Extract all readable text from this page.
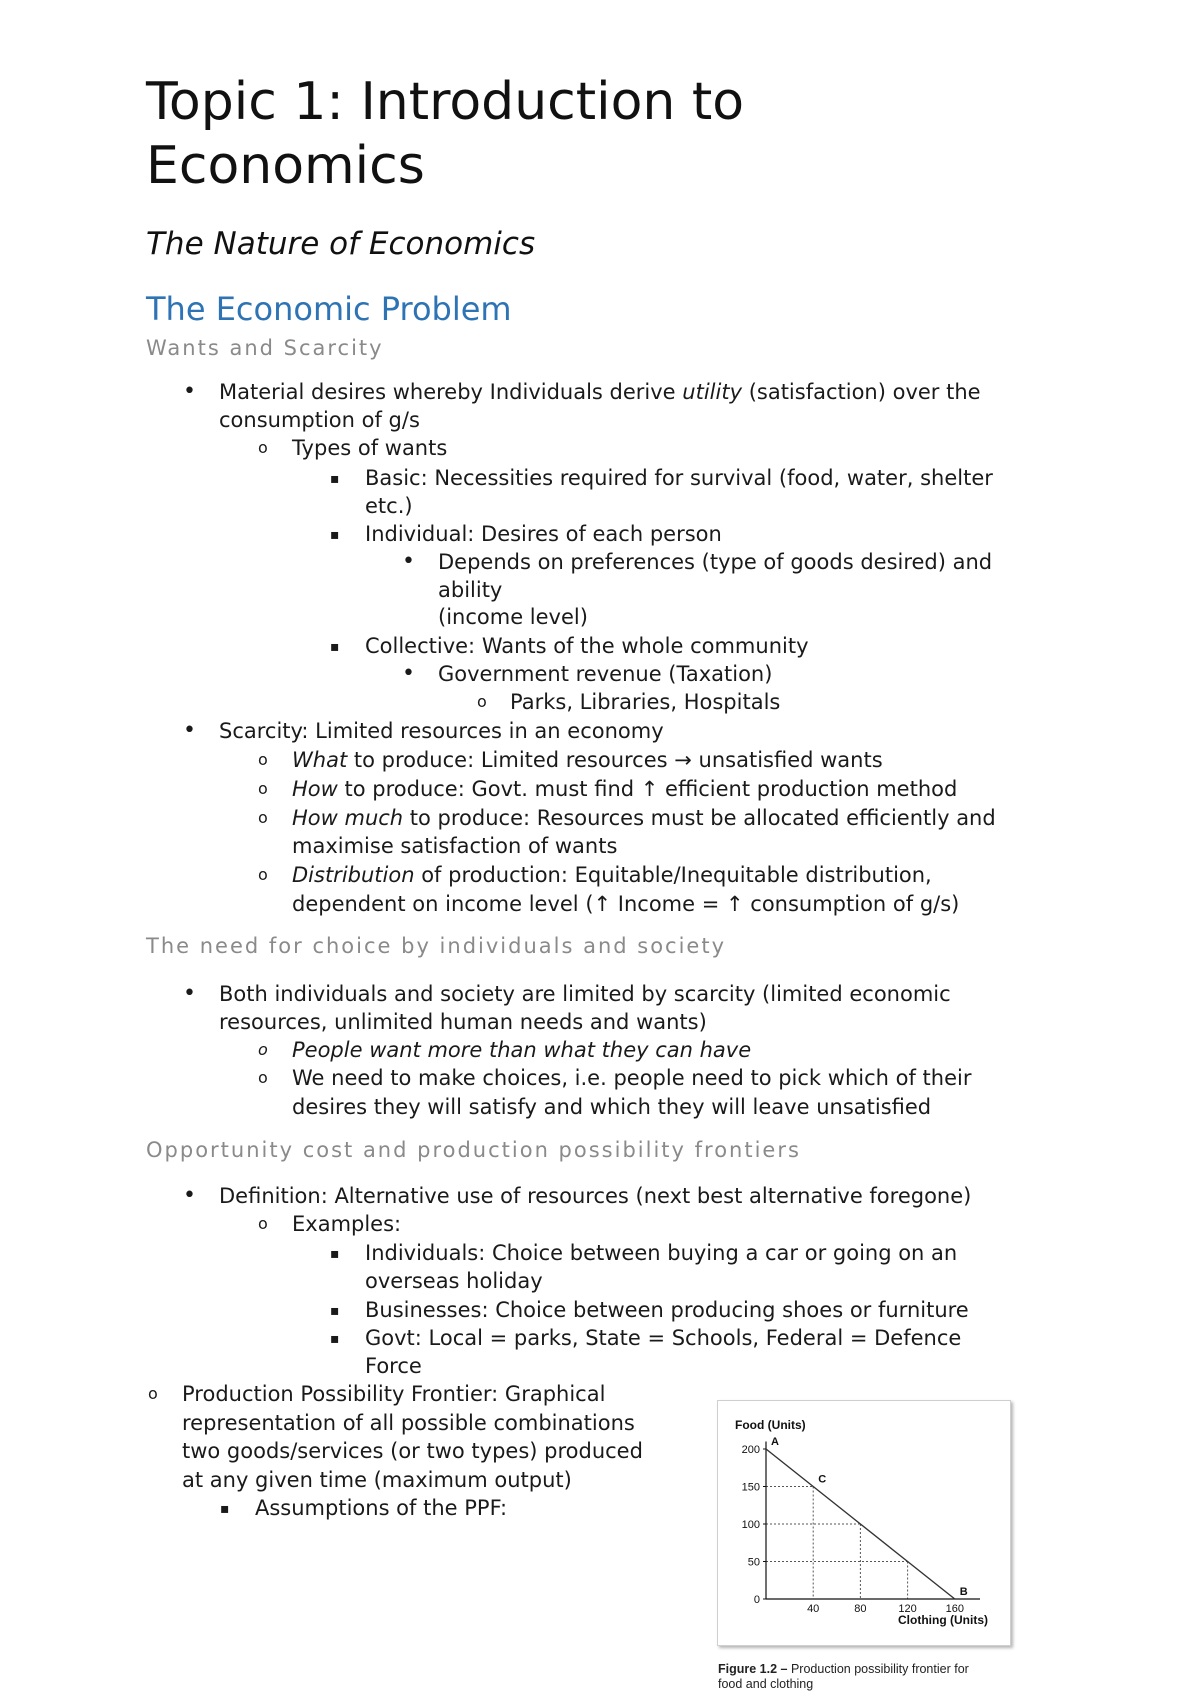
Topic 1: Introduction to
Economics

The Nature of Economics

The Economic Problem
Wants and Scarcity
•
Material desires whereby Individuals derive utility (satisfaction) over the
consumption of g/s
o
Types of wants
▪
Basic: Necessities required for survival (food, water, shelter
etc.)
▪
Individual: Desires of each person
•
Depends on preferences (type of goods desired) and
ability
(income level)
▪
Collective: Wants of the whole community
•
Government revenue (Taxation)
o
Parks, Libraries, Hospitals
•
Scarcity: Limited resources in an economy
o
What to produce: Limited resources → unsatisfied wants
o
How to produce: Govt. must find ↑ efficient production method
o
How much to produce: Resources must be allocated efficiently and
maximise satisfaction of wants
o
Distribution of production: Equitable/Inequitable distribution,
dependent on income level (↑ Income = ↑ consumption of g/s)
The need for choice by individuals and society
•
Both individuals and society are limited by scarcity (limited economic
resources, unlimited human needs and wants)
o
People want more than what they can have
o
We need to make choices, i.e. people need to pick which of their
desires they will satisfy and which they will leave unsatisfied
Opportunity cost and production possibility frontiers
•
Definition: Alternative use of resources (next best alternative foregone)
o
Examples:
▪
Individuals: Choice between buying a car or going on an
overseas holiday
▪
Businesses: Choice between producing shoes or furniture
▪
Govt: Local = parks, State = Schools, Federal = Defence
Force
o
Production Possibility Frontier: Graphical
representation of all possible combinations
two goods/services (or two types) produced
at any given time (maximum output)
▪
Assumptions of the PPF:
Food (Units)
Clothing (Units)
0
50
100
150
200
40	80	120	160
A
C
B
Figure 1.2 – Production possibility frontier for
food and clothing
